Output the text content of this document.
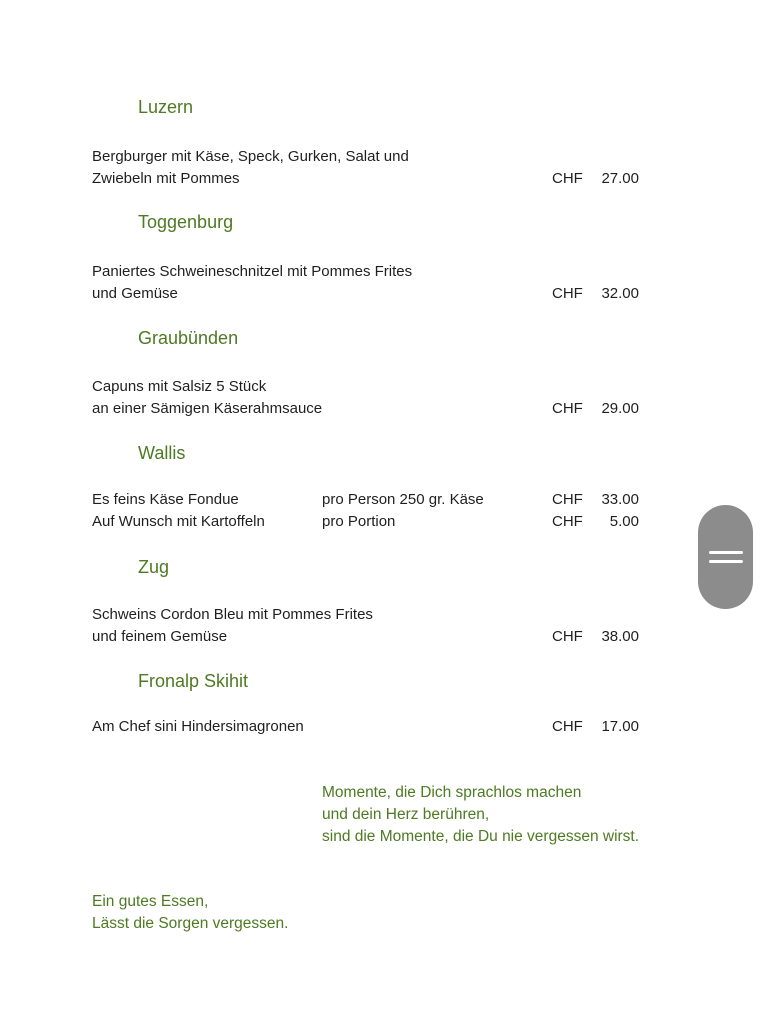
Luzern
Bergburger mit Käse, Speck, Gurken, Salat und
Zwiebeln mit Pommes	CHF 27.00
Toggenburg
Paniertes Schweineschnitzel mit Pommes Frites
und Gemüse	CHF 32.00
Graubünden
Capuns mit Salsiz 5 Stück
an einer Sämigen Käserahmsauce	CHF 29.00
Wallis
Es feins Käse Fondue	pro Person 250 gr. Käse	CHF 33.00
Auf Wunsch mit Kartoffeln	pro Portion	CHF 5.00
Zug
Schweins Cordon Bleu mit Pommes Frites
und feinem Gemüse	CHF 38.00
Fronalp Skihit
Am Chef sini Hindersimagronen	CHF 17.00
Momente, die Dich sprachlos machen
und dein Herz berühren,
sind die Momente, die Du nie vergessen wirst.
Ein gutes Essen,
Lässt die Sorgen vergessen.
